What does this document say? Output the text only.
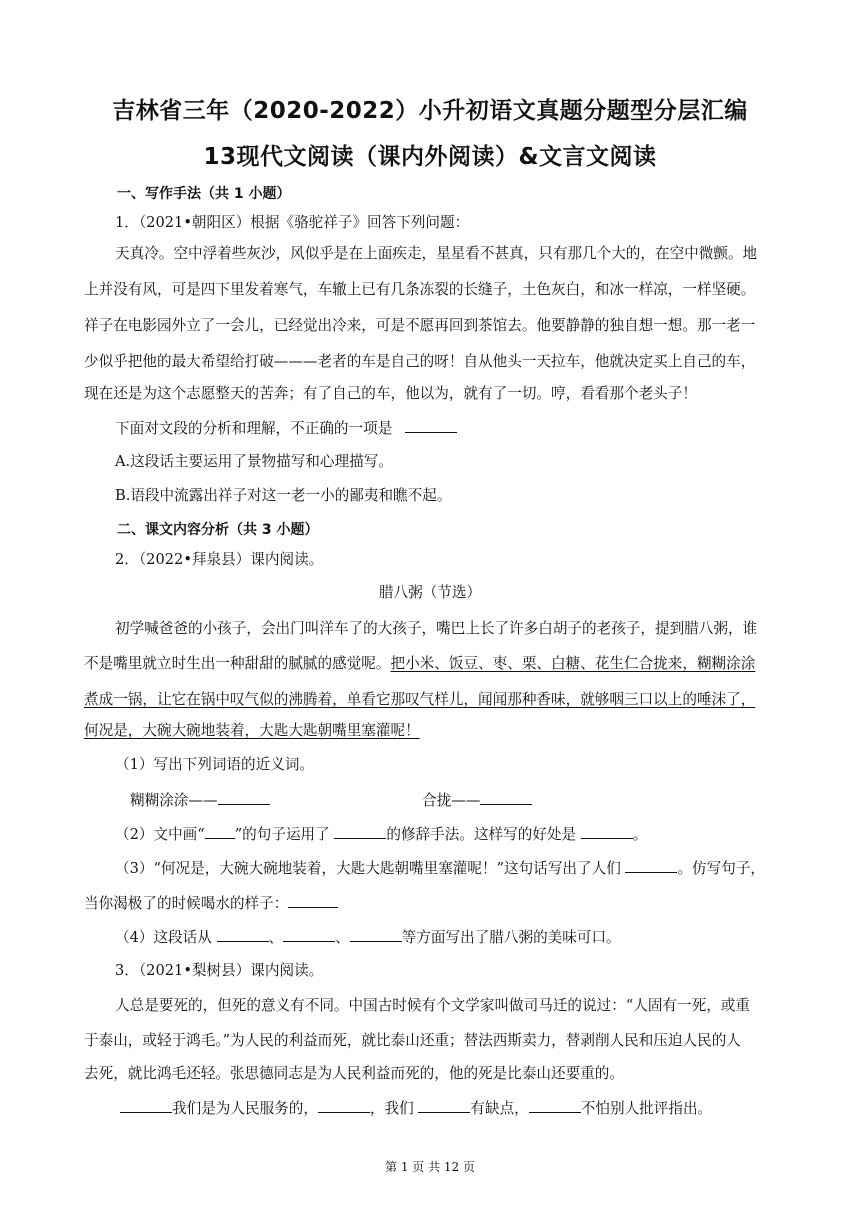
吉林省三年（2020-2022）小升初语文真题分题型分层汇编
13现代文阅读（课内外阅读）&文言文阅读
一、写作手法（共 1 小题）
1．（2021•朝阳区）根据《骆驼祥子》回答下列问题：
天真冷。空中浮着些灰沙，风似乎是在上面疾走，星星看不甚真，只有那几个大的，在空中微颤。地
上并没有风，可是四下里发着寒气，车辙上已有几条冻裂的长缝子，土色灰白，和冰一样凉，一样坚硬。
祥子在电影园外立了一会儿，已经觉出冷来，可是不愿再回到茶馆去。他要静静的独自想一想。那一老一
少似乎把他的最大希望给打破———老者的车是自己的呀！自从他头一天拉车，他就决定买上自己的车，
现在还是为这个志愿整天的苦奔；有了自己的车，他以为，就有了一切。哼，看看那个老头子！
下面对文段的分析和理解，不正确的一项是
A.这段话主要运用了景物描写和心理描写。
B.语段中流露出祥子对这一老一小的鄙夷和瞧不起。
二、课文内容分析（共 3 小题）
2．（2022•拜泉县）课内阅读。
腊八粥（节选）
初学喊爸爸的小孩子，会出门叫洋车了的大孩子，嘴巴上长了许多白胡子的老孩子，提到腊八粥，谁
不是嘴里就立时生出一种甜甜的腻腻的感觉呢。把小米、饭豆、枣、栗、白糖、花生仁合拢来，糊糊涂涂
煮成一锅，让它在锅中叹气似的沸腾着，单看它那叹气样儿，闻闻那种香味，就够咽三口以上的唾沫了，
何况是，大碗大碗地装着，大匙大匙朝嘴里塞灌呢！
（1）写出下列词语的近义词。
糊糊涂涂——	合拢——
（2）文中画“ ”的句子运用了	的修辞手法。这样写的好处是	。
（3）“何况是，大碗大碗地装着，大匙大匙朝嘴里塞灌呢！”这句话写出了人们	。仿写句子，
当你渴极了的时候喝水的样子：
（4）这段话从	、	、	等方面写出了腊八粥的美味可口。
3．（2021•梨树县）课内阅读。
人总是要死的，但死的意义有不同。中国古时候有个文学家叫做司马迁的说过：“人固有一死，或重
于泰山，或轻于鸿毛。”为人民的利益而死，就比泰山还重；替法西斯卖力，替剥削人民和压迫人民的人
去死，就比鸿毛还轻。张思德同志是为人民利益而死的，他的死是比泰山还要重的。
我们是为人民服务的，	，我们	有缺点，	不怕别人批评指出。
第 1 页 共 12 页
